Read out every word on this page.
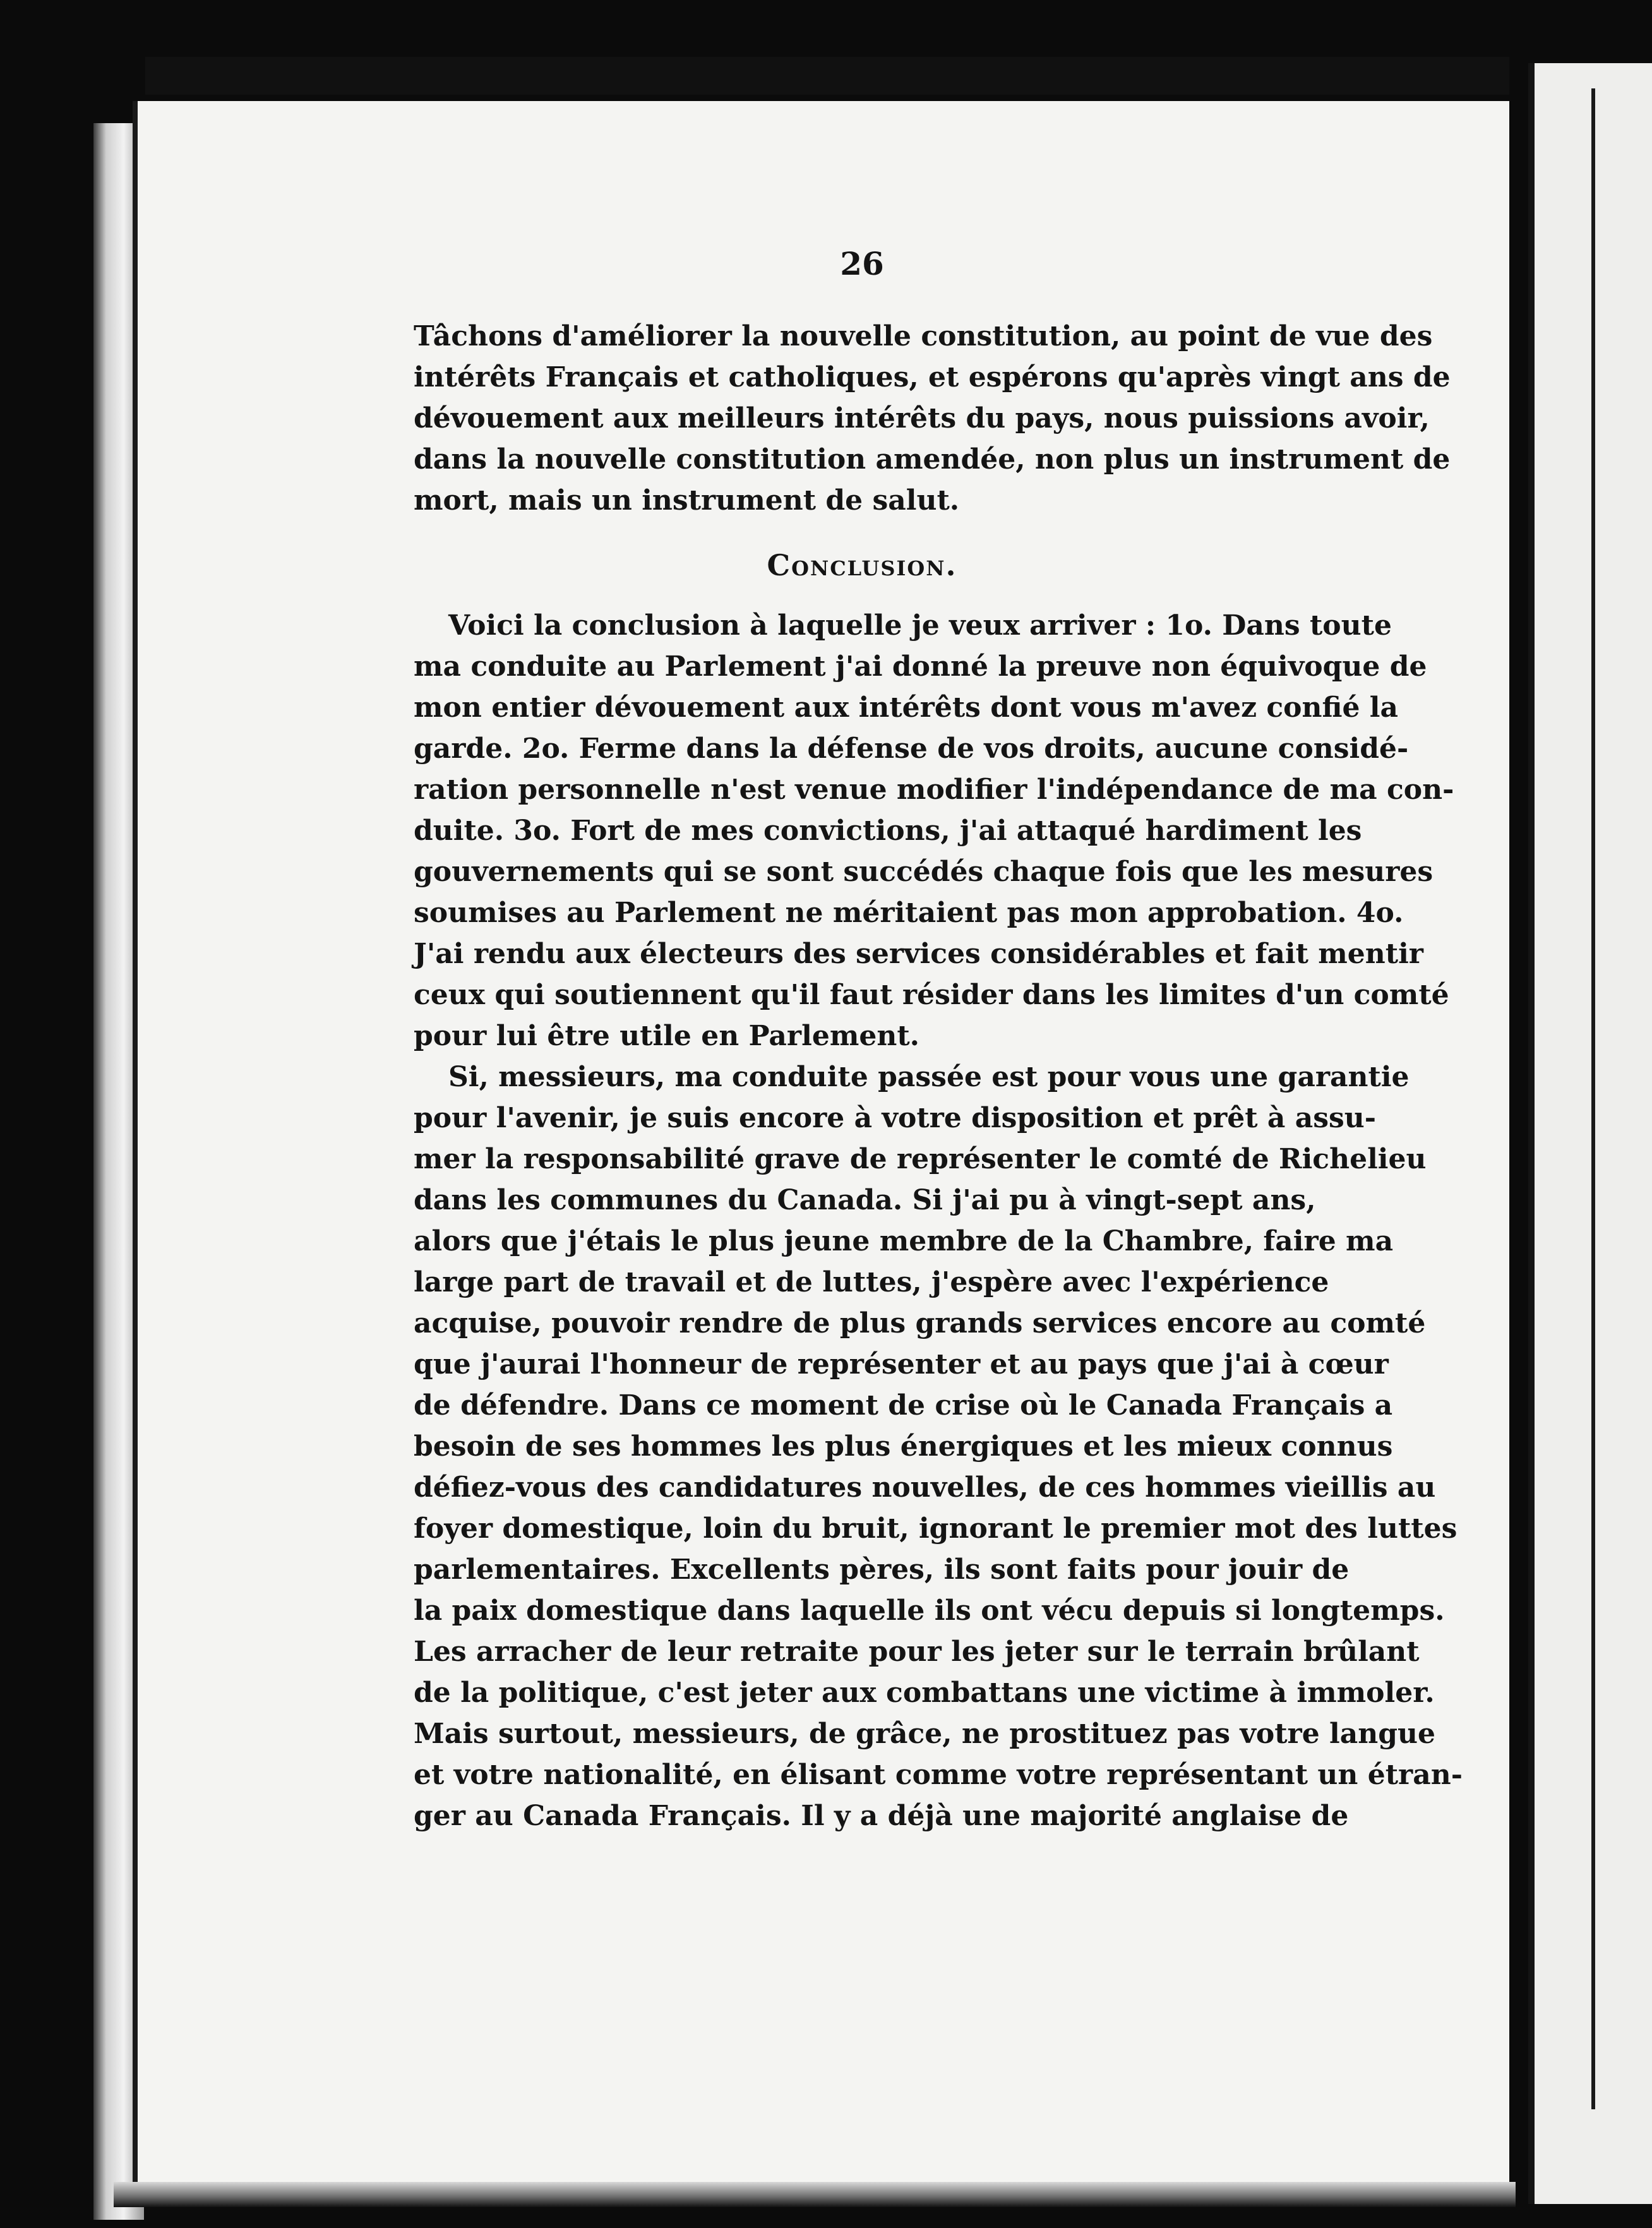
26
Tâchons d'améliorer la nouvelle constitution, au point de vue des
intérêts Français et catholiques, et espérons qu'après vingt ans de
dévouement aux meilleurs intérêts du pays, nous puissions avoir,
dans la nouvelle constitution amendée, non plus un instrument de
mort, mais un instrument de salut.
Conclusion.
Voici la conclusion à laquelle je veux arriver : 1o. Dans toute
ma conduite au Parlement j'ai donné la preuve non équivoque de
mon entier dévouement aux intérêts dont vous m'avez confié la
garde. 2o. Ferme dans la défense de vos droits, aucune considé-
ration personnelle n'est venue modifier l'indépendance de ma con-
duite. 3o. Fort de mes convictions, j'ai attaqué hardiment les
gouvernements qui se sont succédés chaque fois que les mesures
soumises au Parlement ne méritaient pas mon approbation. 4o.
J'ai rendu aux électeurs des services considérables et fait mentir
ceux qui soutiennent qu'il faut résider dans les limites d'un comté
pour lui être utile en Parlement.
Si, messieurs, ma conduite passée est pour vous une garantie
pour l'avenir, je suis encore à votre disposition et prêt à assu-
mer la responsabilité grave de représenter le comté de Richelieu
dans les communes du Canada. Si j'ai pu à vingt-sept ans,
alors que j'étais le plus jeune membre de la Chambre, faire ma
large part de travail et de luttes, j'espère avec l'expérience
acquise, pouvoir rendre de plus grands services encore au comté
que j'aurai l'honneur de représenter et au pays que j'ai à cœur
de défendre. Dans ce moment de crise où le Canada Français a
besoin de ses hommes les plus énergiques et les mieux connus
défiez-vous des candidatures nouvelles, de ces hommes vieillis au
foyer domestique, loin du bruit, ignorant le premier mot des luttes
parlementaires. Excellents pères, ils sont faits pour jouir de
la paix domestique dans laquelle ils ont vécu depuis si longtemps.
Les arracher de leur retraite pour les jeter sur le terrain brûlant
de la politique, c'est jeter aux combattans une victime à immoler.
Mais surtout, messieurs, de grâce, ne prostituez pas votre langue
et votre nationalité, en élisant comme votre représentant un étran-
ger au Canada Français. Il y a déjà une majorité anglaise de
